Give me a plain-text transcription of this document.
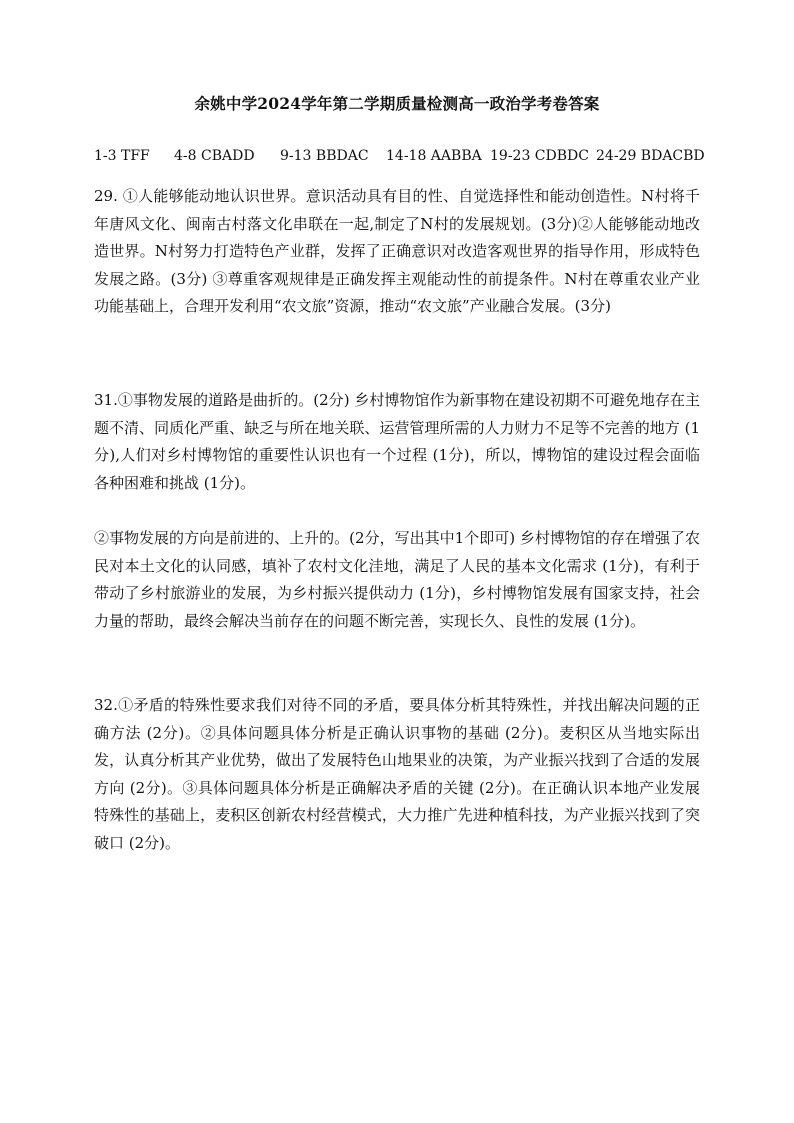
余姚中学2024学年第二学期质量检测高一政治学考卷答案
1-3 TFF 4-8 CBADD 9-13 BBDAC 14-18 AABBA 19-23 CDBDC 24-29 BDACBD
29. ①人能够能动地认识世界。意识活动具有目的性、自觉选择性和能动创造性。N村将千年唐风文化、闽南古村落文化串联在一起,制定了N村的发展规划。(3分)②人能够能动地改造世界。N村努力打造特色产业群，发挥了正确意识对改造客观世界的指导作用，形成特色发展之路。(3分) ③尊重客观规律是正确发挥主观能动性的前提条件。N村在尊重农业产业功能基础上，合理开发利用“农文旅”资源，推动“农文旅”产业融合发展。(3分)
31.①事物发展的道路是曲折的。(2分) 乡村博物馆作为新事物在建设初期不可避免地存在主题不清、同质化严重、缺乏与所在地关联、运营管理所需的人力财力不足等不完善的地方 (1分),人们对乡村博物馆的重要性认识也有一个过程 (1分)，所以，博物馆的建设过程会面临各种困难和挑战 (1分)。
②事物发展的方向是前进的、上升的。(2分，写出其中1个即可) 乡村博物馆的存在增强了农民对本土文化的认同感，填补了农村文化洼地，满足了人民的基本文化需求 (1分)，有利于带动了乡村旅游业的发展，为乡村振兴提供动力 (1分)，乡村博物馆发展有国家支持，社会力量的帮助，最终会解决当前存在的问题不断完善，实现长久、良性的发展 (1分)。
32.①矛盾的特殊性要求我们对待不同的矛盾，要具体分析其特殊性，并找出解决问题的正确方法 (2分)。②具体问题具体分析是正确认识事物的基础 (2分)。麦积区从当地实际出发，认真分析其产业优势，做出了发展特色山地果业的决策，为产业振兴找到了合适的发展方向 (2分)。③具体问题具体分析是正确解决矛盾的关键 (2分)。在正确认识本地产业发展特殊性的基础上，麦积区创新农村经营模式，大力推广先进种植科技，为产业振兴找到了突破口 (2分)。
